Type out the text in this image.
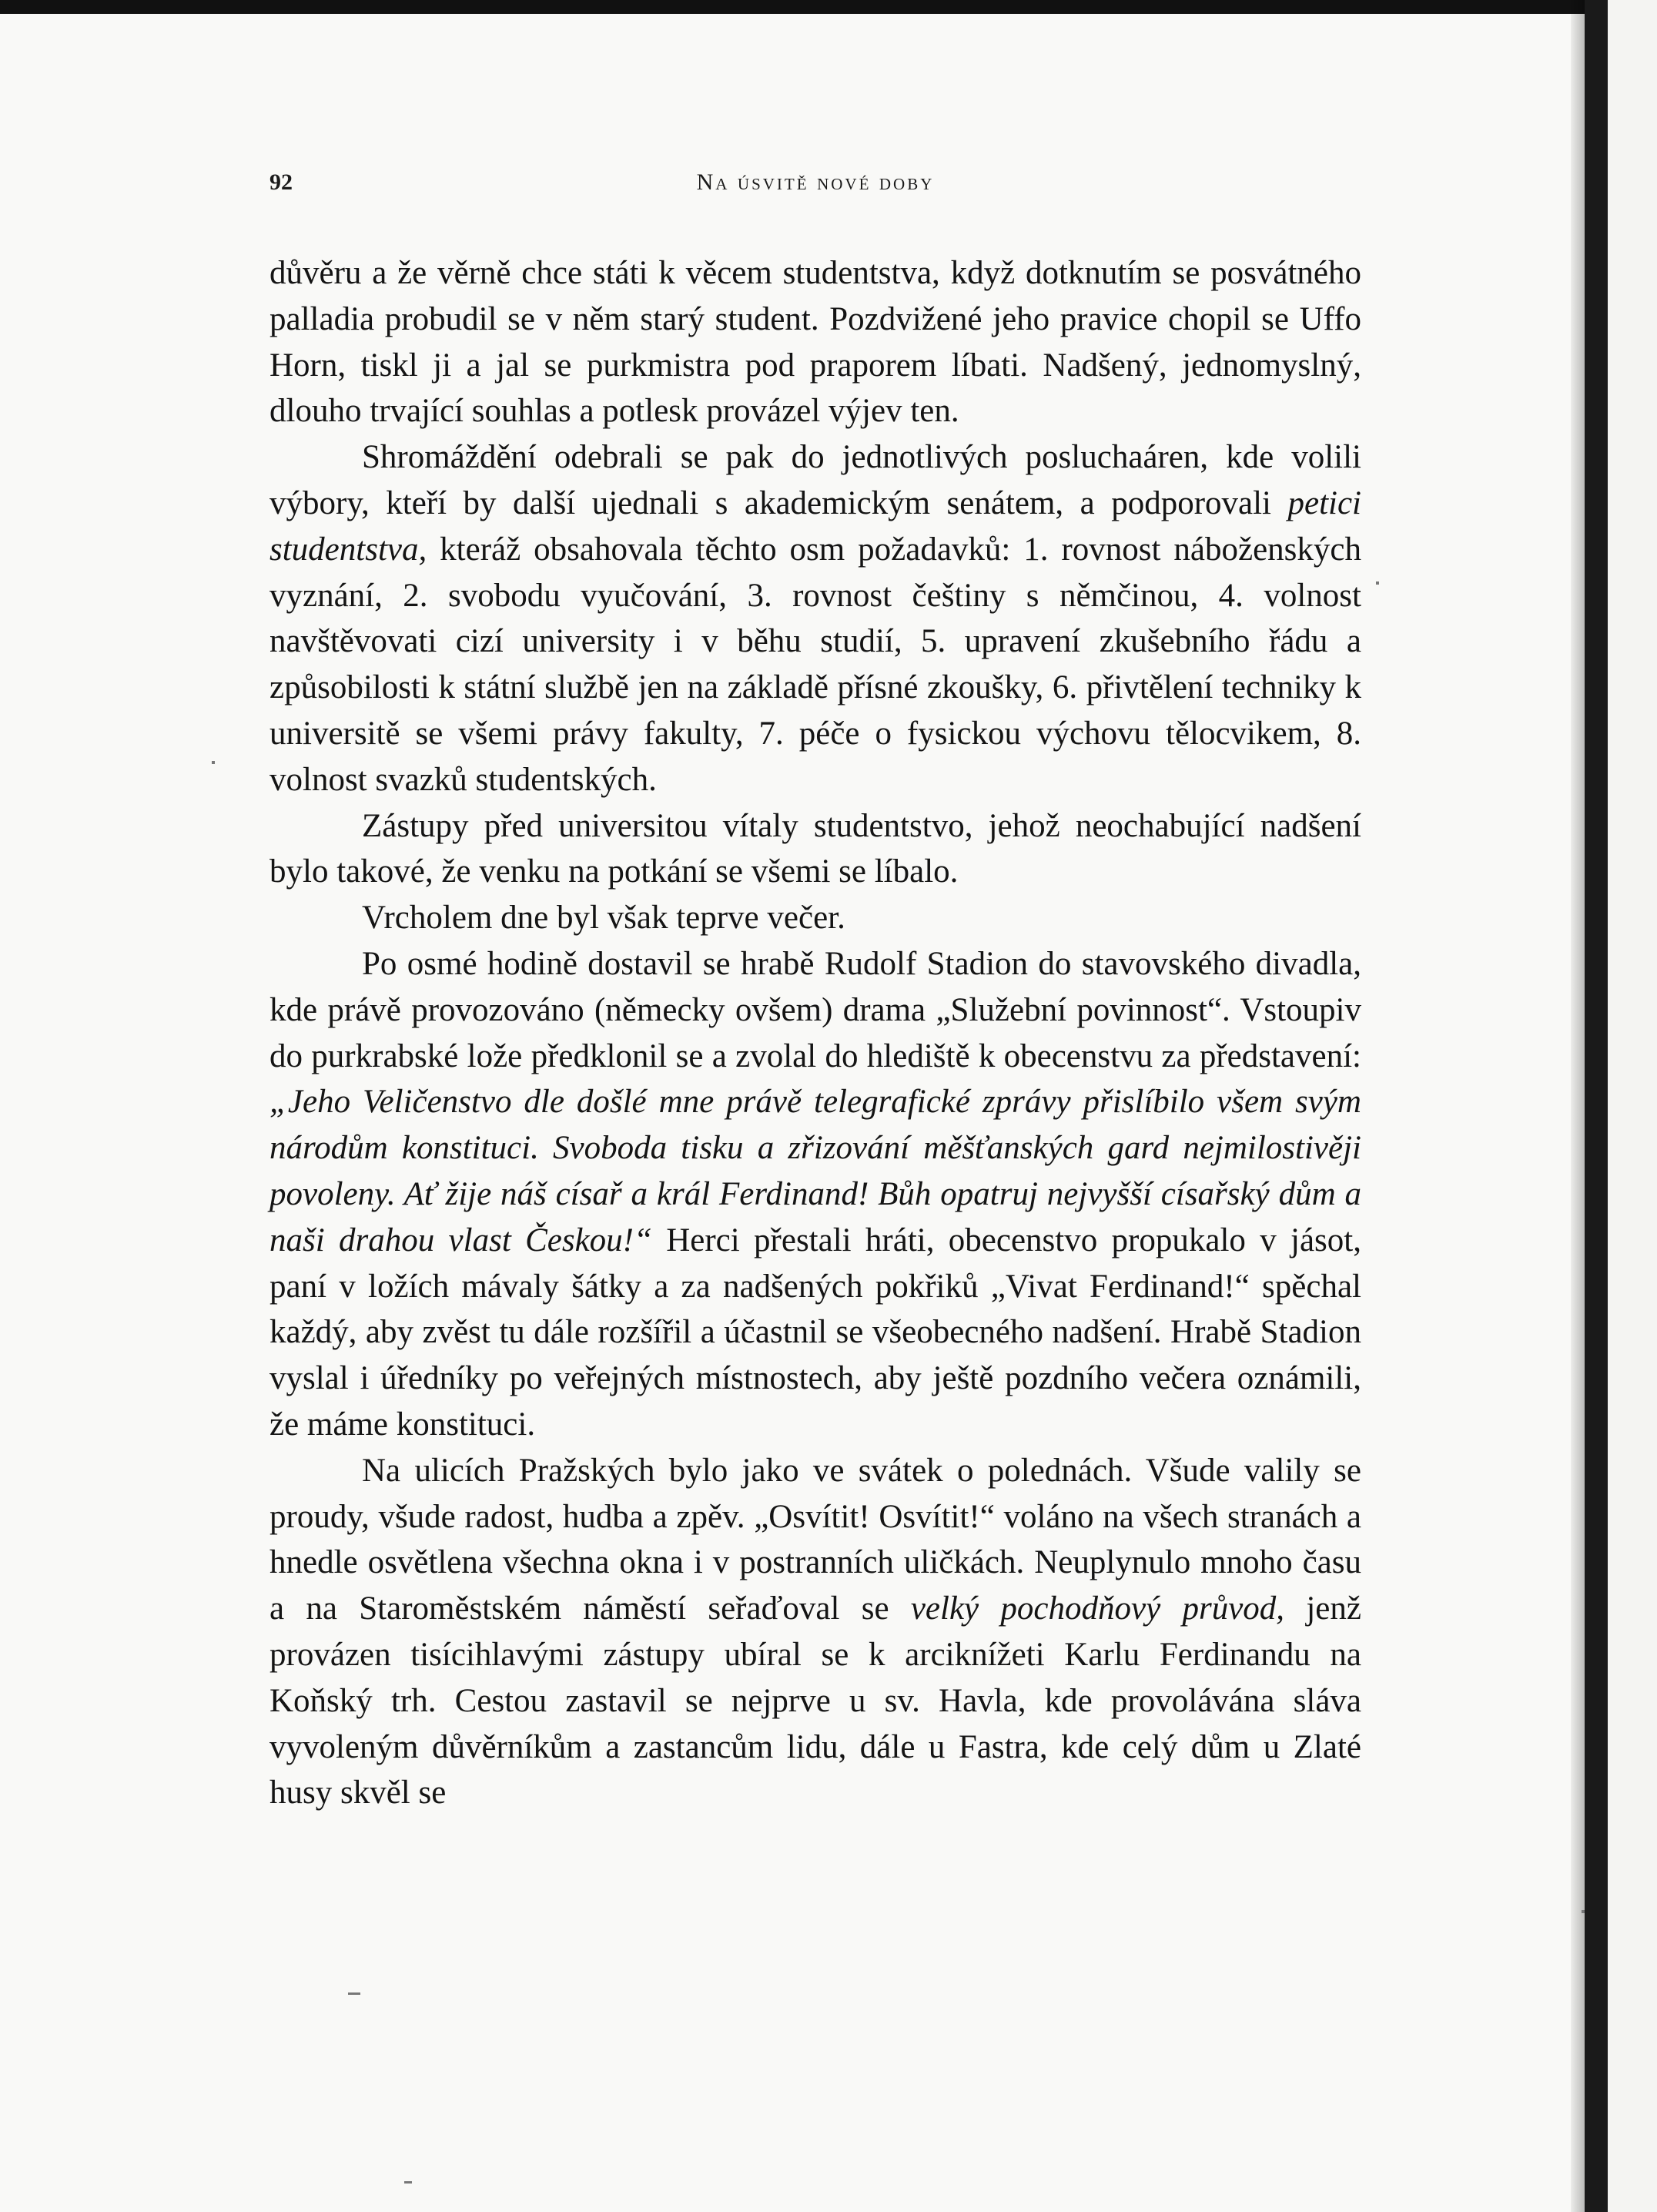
92	Na úsvitě nové doby

důvěru a že věrně chce státi k věcem studentstva, když dotknutím se posvátného palladia probudil se v něm starý student. Pozdvižené jeho pravice chopil se Uffo Horn, tiskl ji a jal se purkmistra pod praporem líbati. Nadšený, jednomyslný, dlouho trvající souhlas a potlesk provázel výjev ten.

Shromáždění odebrali se pak do jednotlivých posluchaáren, kde volili výbory, kteří by další ujednali s akademickým senátem, a podporovali petici studentstva, kteráž obsahovala těchto osm požadavků: 1. rovnost náboženských vyznání, 2. svobodu vyučování, 3. rovnost češtiny s němčinou, 4. volnost navštěvovati cizí university i v běhu studií, 5. upravení zkušebního řádu a způsobilosti k státní službě jen na základě přísné zkoušky, 6. přivtělení techniky k universitě se všemi právy fakulty, 7. péče o fysickou výchovu tělocvikem, 8. volnost svazků studentských.

Zástupy před universitou vítaly studentstvo, jehož neochabující nadšení bylo takové, že venku na potkání se všemi se líbalo.

Vrcholem dne byl však teprve večer.

Po osmé hodině dostavil se hrabě Rudolf Stadion do stavovského divadla, kde právě provozováno (německy ovšem) drama „Služební povinnost“. Vstoupiv do purkrabské lože předklonil se a zvolal do hlediště k obecenstvu za představení: „Jeho Veličenstvo dle došlé mne právě telegrafické zprávy přislíbilo všem svým národům konstituci. Svoboda tisku a zřizování měšťanských gard nejmilostivěji povoleny. Ať žije náš císař a král Ferdinand! Bůh opatruj nejvyšší císařský dům a naši drahou vlast Českou!“ Herci přestali hráti, obecenstvo propukalo v jásot, paní v ložích mávaly šátky a za nadšených pokřiků „Vivat Ferdinand!“ spěchal každý, aby zvěst tu dále rozšířil a účastnil se všeobecného nadšení. Hrabě Stadion vyslal i úředníky po veřejných místnostech, aby ještě pozdního večera oznámili, že máme konstituci.

Na ulicích Pražských bylo jako ve svátek o polednách. Všude valily se proudy, všude radost, hudba a zpěv. „Osvítit! Osvítit!“ voláno na všech stranách a hnedle osvětlena všechna okna i v postranních uličkách. Neuplynulo mnoho času a na Staroměstském náměstí seřaďoval se velký pochodňový průvod, jenž provázen tisícihlavými zástupy ubíral se k arciknížeti Karlu Ferdinandu na Koňský trh. Cestou zastavil se nejprve u sv. Havla, kde provolávána sláva vyvoleným důvěrníkům a zastancům lidu, dále u Fastra, kde celý dům u Zlaté husy skvěl se
